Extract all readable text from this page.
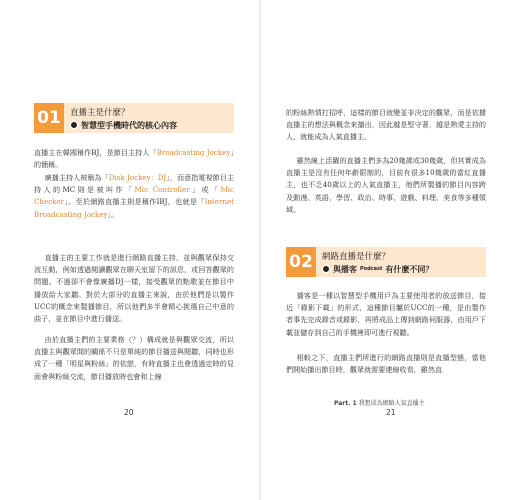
01	直播主是什麼？
智慧型手機時代的核心內容

直播主在韓國稱作BJ，是節目主持人「Broadcasting Jockey」的簡稱。

廣播主持人被稱為「Disk Jockey：DJ」，而意指電視節目主持人的MC則是被叫作「Mic Controller」或「Mic Checker」。至於網路直播主則是稱作IBJ，也就是「Internet Broadcasting Jockey」。

直播主的主要工作就是進行網路直播主持，並與觀眾保持交流互動，例如透過閱讀觀眾在聊天室留下的訊息，或回答觀眾的問題。不過卻不會像廣播DJ一樣，接受觀眾的點歌並在節目中播放給大家聽。對於大部分的直播主來說，由於他們是以製作UCC的概念來製播節目，所以他們多半會精心挑選自己中意的曲子，並在節目中進行播送。

由於直播主們的主要業務（？）構成就是與觀眾交流，所以直播主與觀眾間的關係不只是單純的節目播送與閱聽，同時也形成了一種「明星與粉絲」的依戀，有時直播主也會透過定時的見面會與粉絲交流，節目播放時也會和上線

20

的粉絲熱情打招呼，這樣的節目就變並非決定的觀眾，而是依據直播主的想法與概念來播出，因此越是堅守著，越是熱愛主持的人，就能成為人氣直播主。

雖然線上活躍的直播主們多為20幾歲或30幾歲，但其實成為直播主是沒有任何年齡限制的，目前有很多10幾歲的當紅直播主，也不乏40歲以上的人氣直播主，他們所製播的節目內容跨及動漫、英語、學習、政治、時事、遊戲、料理、美食等多種領域。

02	網路直播是什麼？
與播客 Podcast 有什麼不同？

播客是一種以智慧型手機用戶為主要使用者的放送節目，接近「錄影下載」的形式，這種節目屬於UCC的一種，是由製作者事先完成錄音或錄影，再將成品上傳到網路伺服器，由用戶下載並儲存到自己的手機裡即可進行視聽。

相較之下，直播主們所進行的網路直播則是直播型態，當他們開始播出節目時，觀眾就需要連線收看，雖然直

Part. 1 我想成為網路人氣直播主
21
